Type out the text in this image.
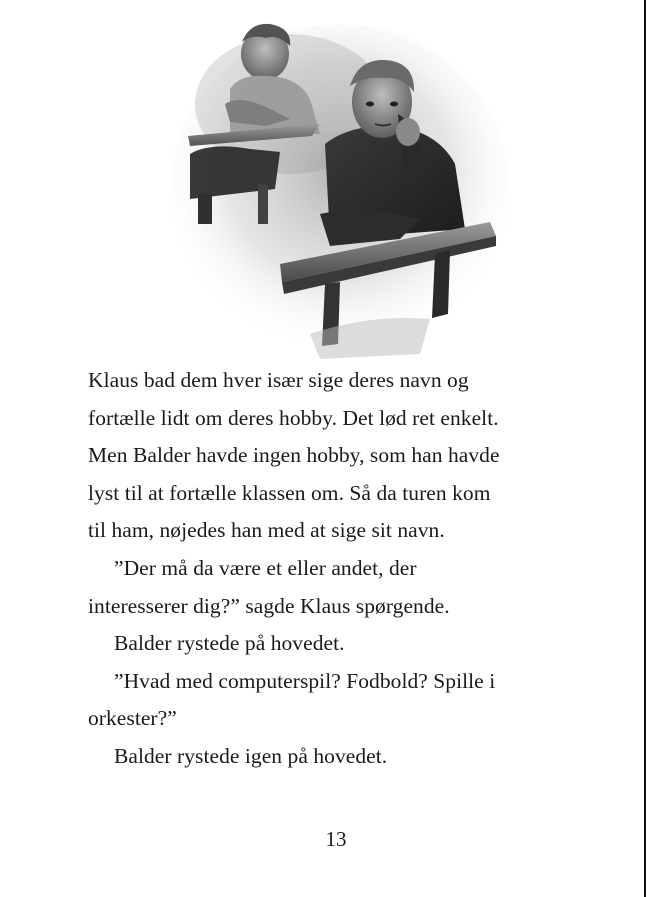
Klaus bad dem hver især sige deres navn og
fortælle lidt om deres hobby. Det lød ret enkelt.
Men Balder havde ingen hobby, som han havde
lyst til at fortælle klassen om. Så da turen kom
til ham, nøjedes han med at sige sit navn.
”Der må da være et eller andet, der
interesserer dig?” sagde Klaus spørgende.
Balder rystede på hovedet.
”Hvad med computerspil? Fodbold? Spille i
orkester?”
Balder rystede igen på hovedet.
13
